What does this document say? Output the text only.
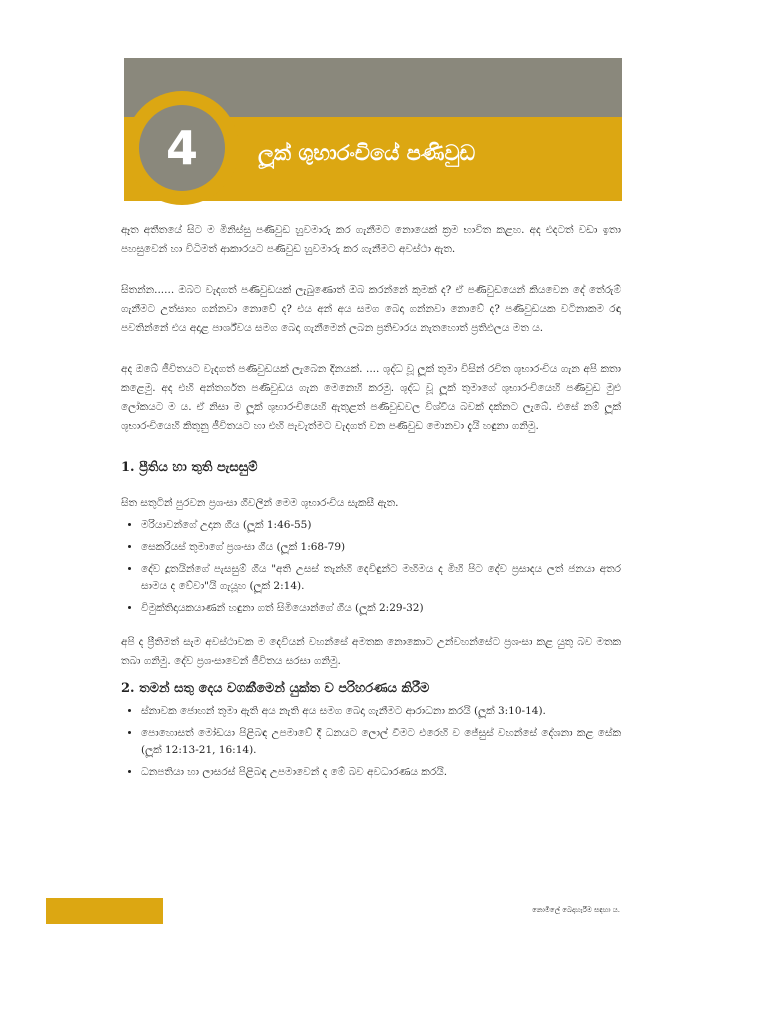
4	ලූක් ශුභාරංචියේ පණිවුඩ

ඈත අතීතයේ සිට ම මිනිස්සු පණිවුඩ හුවමාරු කර ගැනීමට නොයෙක් ක්‍රම භාවිත කළහ. අද එදටත් වඩා ඉතා පහසුවෙන් හා විධිමත් ආකාරයට පණිවුඩ හුවමාරු කර ගැනීමට අවස්ථා ඇත.

සිතන්න...... ඔබට වැදගත් පණිවුඩයක් ලැබුණොත් ඔබ කරන්නේ කුමක් ද? ඒ පණිවුඩයෙන් කියවෙන දේ තේරුම් ගැනීමට උත්සාහ ගන්නවා නොවේ ද? එය අන් අය සමග බෙදා ගන්නවා නොවේ ද? පණිවුඩයක වටිනාකම රඳා පවතින්නේ එය අදාළ පාර්ශ්වය සමග බෙදා ගැනීමෙන් ලබන ප්‍රතිචාරය නැතහොත් ප්‍රතිඵලය මත ය.

අද ඔබේ ජීවිතයට වැදගත් පණිවුඩයක් ලැබෙන දිනයක්. .... ශුද්ධ වූ ලූක් තුමා විසින් රචිත ශුභාරංචිය ගැන අපි කතා කළෙමු. අද එහි අන්තර්ගත පණිවුඩය ගැන මෙනෙහි කරමු. ශුද්ධ වූ ලූක් තුමාගේ ශුභාරංචියෙහි පණිවුඩ මුළු ලෝකයට ම ය. ඒ නිසා ම ලූක් ශුභාරංචියෙහි ඇතුළත් පණිවුඩවල විශ්වීය බවක් දක්නට ලැබේ. එසේ නම් ලූක් ශුභාරංචියෙහි කිතුනු ජීවිතයට හා එහි පැවැත්මට වැදගත් වන පණිවුඩ මොනවා දැයි හඳුනා ගනිමු.

1. ප්‍රීතිය හා තුති පැසසුම්

සිත සතුටින් පුරවන ප්‍රශංසා ගීවලින් මෙම ශුභාරංචිය සැකසී ඇත.

• මරියාවන්ගේ උදාන ගීය (ලූක් 1:46-55)
• සෙකරියස් තුමාගේ ප්‍රශංසා ගීය (ලූක් 1:68-79)
• දේව දූතයින්ගේ පැසසුම් ගීය "අති උසස් තැන්හි දෙවිඳුන්ට මහිමය ද මිහි පිට දේව ප්‍රසාදය ලත් ජනයා අතර සාමය ද වේවා"යි ගැයූහ (ලූක් 2:14).
• විමුක්තිදායකයාණන් හඳුනා ගත් සිමියොන්ගේ ගීය (ලූක් 2:29-32)

අපි ද ප්‍රීතිමත් සැම අවස්ථාවක ම දෙවියන් වහන්සේ අමතක නොකොට උන්වහන්සේට ප්‍රශංසා කළ යුතු බව මතක තබා ගනිමු. දේව ප්‍රශංසාවෙන් ජීවිතය සරසා ගනිමු.

2. තමන් සතු දෙය වගකීමෙන් යුක්ත ව පරිහරණය කිරීම
• ස්නාවක ජොහන් තුමා ඇති අය නැති අය සමග බෙදා ගැනීමට ආරාධනා කරයි (ලූක් 3:10-14).
• පොහොසත් මෝඩයා පිළිබඳ උපමාවේ දී ධනයට ලොල් වීමට එරෙහි ව ජේසුස් වහන්සේ දේශනා කළ සේක (ලූක් 12:13-21, 16:14).
• ධනපතියා හා ලාසරස් පිළිබඳ උපමාවෙන් ද මේ බව අවධාරණය කරයි.
නොමිලේ බෙදාහැරීම සඳහා ය.
